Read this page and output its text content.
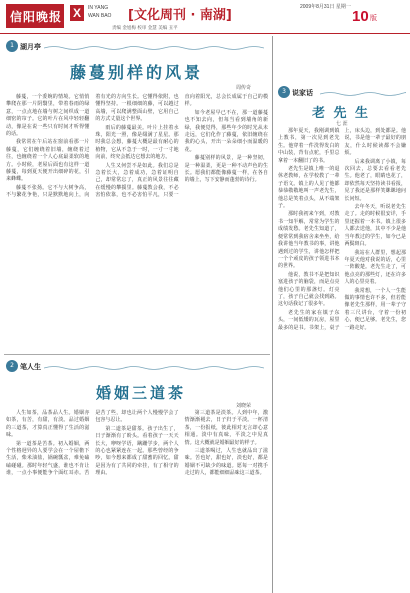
信阳晚报 X	IN YANG
WAN BAO [文化周刊 · 南湖]
2009年8月31日 星期一
10 版
责编 金旭梅 校审 金慧 美编 丑平
1 湖月亭
藤蔓别样的风景
周传奇

藤蔓，一个委婉的情境。它悄悄攀爬在那一片阴翳里，带着春雨的绿意，一点点地在墙与树之间织成一道细密的帘子。它的叶片在风中轻轻翻动，像是在说一些只有时间才听得懂的话。

我常常在午后站在窗前看那一片藤蔓，它们缠绕着旧墙，缠绕着过往，也缠绕着一个人心底最柔软的地方。小时候，老屋后面也有这样一道藤蔓，每到夏天便开出细碎的花，引来蜂蝶。

藤蔓不张扬。它不与大树争高，不与繁花争艳，只是默默地向上，向着有光的方向生长。它懂得依附，也懂得坚持。一根细细的藤，可以越过高墙，可以爬满整面山壁，它用自己的方式丈量这个世界。

雨后的藤蔓最美。叶片上挂着水珠，阳光一照，像是缀满了星星。那时我总会想，藤蔓大概是最有耐心的植物，它从不急于一时，一寸一寸地向前，终究会抵达它想去的地方。

人生又何尝不是如此。我们总是急着长大，急着成功，急着证明自己，却常常忘了，真正的风景往往藏在缓慢的攀援里。藤蔓教会我，不必害怕依靠，也不必害怕平凡，只要一直向着阳光，总会长成属于自己的模样。

如今老屋早已不在，那一道藤蔓也不知去向，但每当看到墙角的新绿，我便觉得，那些年少的时光从未走远，它们化作了藤蔓，依旧缠绕在我的心头，开出一朵朵细小而温暖的花。

藤蔓别样的风景，是一种坚韧，是一种温柔，更是一种不动声色的生长。愿我们都能像藤蔓一样，在各自的墙上，写下安静而蓬勃的诗行。

2 笔人生
婚姻三道茶
刘晓荣

人生如茶，品茶品人生。婚姻亦如茶，有苦，有甜，有淡。品过婚姻的三道茶，才算真正懂得了生活的滋味。

第一道茶是苦茶。初入婚姻，两个性格迥异的人要学会在一个屋檐下生活，柴米油盐，锅碗瓢盆，难免磕磕碰碰。那时年轻气盛，谁也不肯让谁，一点小事便能争个面红耳赤。苦是苦了些，却也让两个人慢慢学会了包容与忍让。

第二道茶是甜茶。孩子出生了，日子渐渐有了盼头。看着孩子一天天长大，咿呀学语，蹒跚学步，两个人的心也紧紧连在一起。那些曾经的争吵，如今想来都成了甜蜜的回忆。甜是因为有了共同的牵挂，有了相守的理由。

第三道茶是淡茶。人到中年，激情渐渐褪去，日子归于平淡。一杯清茶，一份报纸，彼此相对无言却心意相通。淡中有真味，平淡之中见真情。这大概就是婚姻最好的样子。

三道茶喝过，人生也就品出了滋味。苦也好，甜也好，淡也好，都是婚姻不可缺少的味道。愿每一对携手走过的人，都能细细品味这三道茶。

3 说家话
老 先 生
七 涯

那年夏天，我刚调到镇上教书，第一次见到老先生。他穿着一件洗得发白的中山装，背有点驼，手里总拿着一本翻旧了的书。

老先生是镇上唯一的退休老教师，在学校教了一辈子语文。镇上的人见了他都恭恭敬敬地叫一声老先生，他总是笑着点头，从不端架子。

那时我初来乍到，对教书一知半解，常常为学生的成绩发愁。老先生知道了，便常常到我宿舍来坐坐，给我讲他当年教书的事，讲他遇到过的学生，讲他怎样把一个个顽皮的孩子领进书本的世界。

他说，教书不是把知识塞进孩子的脑袋，而是点亮他们心里的那盏灯。灯亮了，孩子自己就会找到路。这句话我记了很多年。

老先生的家在镇子东头，一间低矮的瓦房，屋里最多的是书。书架上，桌子上，床头边，到处都是。他说，书是他一辈子最好的朋友，什么时候读都不会嫌烦。

后来我调离了小镇，每次回去，总要去看看老先生。他老了，眼睛也花了，却依然每天坚持读书看报，见了我还是那样笑眯眯地问长问短。

去年冬天，听说老先生走了。走的时候很安详，手里还握着一本书。镇上很多人都去送他，其中不少是他当年教过的学生，如今已是两鬓斑白。

我站在人群里，想起那年夏天他对我说的话，心里一阵酸楚。老先生走了，可他点亮的那些灯，还在许多人的心里亮着。

我常想，一个人一生能做的事情也许不多，但若能像老先生那样，用一辈子守着三尺讲台，守着一份初心，便已足够。老先生，您一路走好。
